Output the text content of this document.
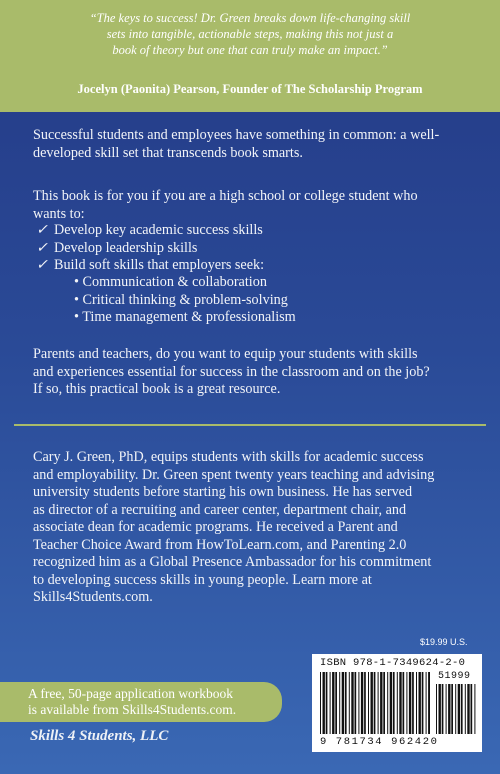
“The keys to success! Dr. Green breaks down life-changing skill
sets into tangible, actionable steps, making this not just a
book of theory but one that can truly make an impact.”
Jocelyn (Paonita) Pearson, Founder of The Scholarship Program
Successful students and employees have something in common: a well-
developed skill set that transcends book smarts.
This book is for you if you are a high school or college student who
wants to:
✓ Develop key academic success skills
✓ Develop leadership skills
✓ Build soft skills that employers seek:
• Communication & collaboration
• Critical thinking & problem-solving
• Time management & professionalism
Parents and teachers, do you want to equip your students with skills
and experiences essential for success in the classroom and on the job?
If so, this practical book is a great resource.
Cary J. Green, PhD, equips students with skills for academic success
and employability. Dr. Green spent twenty years teaching and advising
university students before starting his own business. He has served
as director of a recruiting and career center, department chair, and
associate dean for academic programs. He received a Parent and
Teacher Choice Award from HowToLearn.com, and Parenting 2.0
recognized him as a Global Presence Ambassador for his commitment
to developing success skills in young people. Learn more at
Skills4Students.com.
$19.99 U.S.
ISBN 978-1-7349624-2-0
51999
9 781734 962420
A free, 50-page application workbook
is available from Skills4Students.com.
Skills 4 Students, LLC
